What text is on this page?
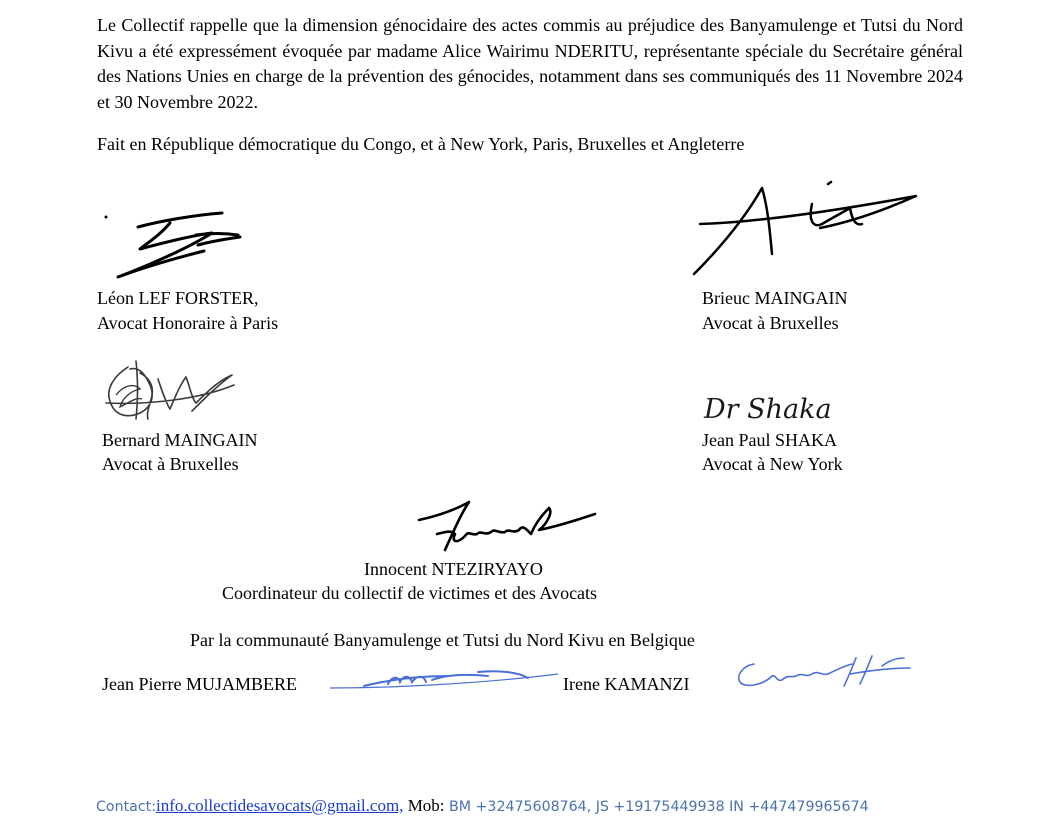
Le Collectif rappelle que la dimension génocidaire des actes commis au préjudice des Banyamulenge et Tutsi du Nord Kivu a été expressément évoquée par madame Alice Wairimu NDERITU, représentante spéciale du Secrétaire général des Nations Unies en charge de la prévention des génocides, notamment dans ses communiqués des 11 Novembre 2024 et 30 Novembre 2022.
Fait en République démocratique du Congo, et à New York, Paris, Bruxelles et Angleterre
Léon LEF FORSTER,
Avocat Honoraire à Paris
Brieuc MAINGAIN
Avocat à Bruxelles
Bernard MAINGAIN
Avocat à Bruxelles
Dr Shaka
Jean Paul SHAKA
Avocat à New York
Innocent NTEZIRYAYO
Coordinateur du collectif de victimes et des Avocats
Par la communauté Banyamulenge et Tutsi du Nord Kivu en Belgique
Jean Pierre MUJAMBERE	Irene KAMANZI
Contact:info.collectidesavocats@gmail.com, Mob: BM +32475608764, JS +19175449938 IN +447479965674
